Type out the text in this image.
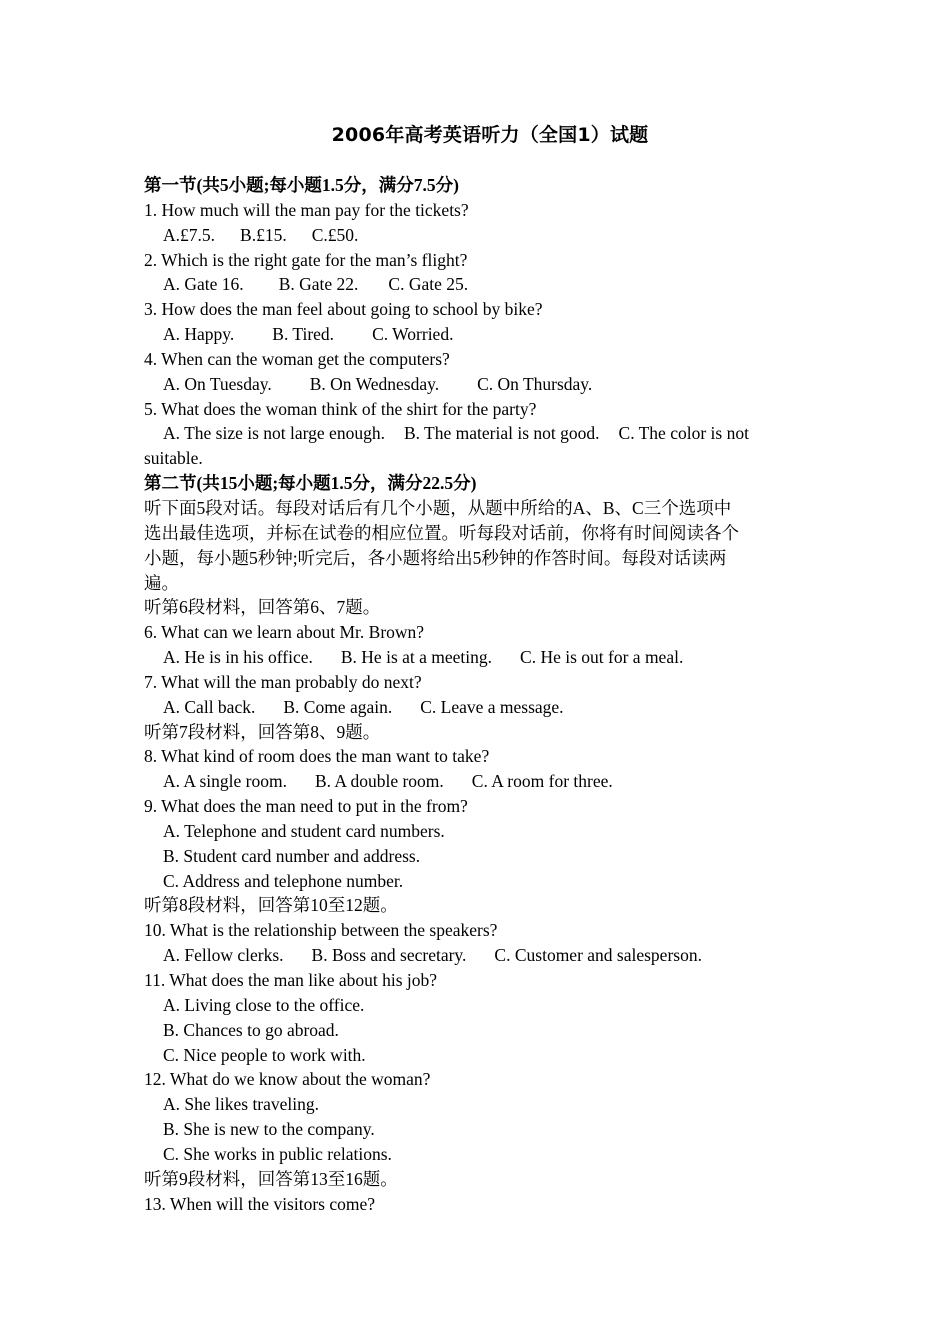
2006年高考英语听力（全国1）试题
第一节(共5小题;每小题1.5分，满分7.5分)
1. How much will the man pay for the tickets?
A.£7.5. B.£15. C.£50.
2. Which is the right gate for the man’s flight?
A. Gate 16. B. Gate 22. C. Gate 25.
3. How does the man feel about going to school by bike?
A. Happy. B. Tired. C. Worried.
4. When can the woman get the computers?
A. On Tuesday. B. On Wednesday. C. On Thursday.
5. What does the woman think of the shirt for the party?
A. The size is not large enough. B. The material is not good. C. The color is not
suitable.
第二节(共15小题;每小题1.5分，满分22.5分)
听下面5段对话。每段对话后有几个小题，从题中所给的A、B、C三个选项中
选出最佳选项，并标在试卷的相应位置。听每段对话前，你将有时间阅读各个
小题，每小题5秒钟;听完后，各小题将给出5秒钟的作答时间。每段对话读两
遍。
听第6段材料，回答第6、7题。
6. What can we learn about Mr. Brown?
A. He is in his office. B. He is at a meeting. C. He is out for a meal.
7. What will the man probably do next?
A. Call back. B. Come again. C. Leave a message.
听第7段材料，回答第8、9题。
8. What kind of room does the man want to take?
A. A single room. B. A double room. C. A room for three.
9. What does the man need to put in the from?
A. Telephone and student card numbers.
B. Student card number and address.
C. Address and telephone number.
听第8段材料，回答第10至12题。
10. What is the relationship between the speakers?
A. Fellow clerks. B. Boss and secretary. C. Customer and salesperson.
11. What does the man like about his job?
A. Living close to the office.
B. Chances to go abroad.
C. Nice people to work with.
12. What do we know about the woman?
A. She likes traveling.
B. She is new to the company.
C. She works in public relations.
听第9段材料，回答第13至16题。
13. When will the visitors come?
